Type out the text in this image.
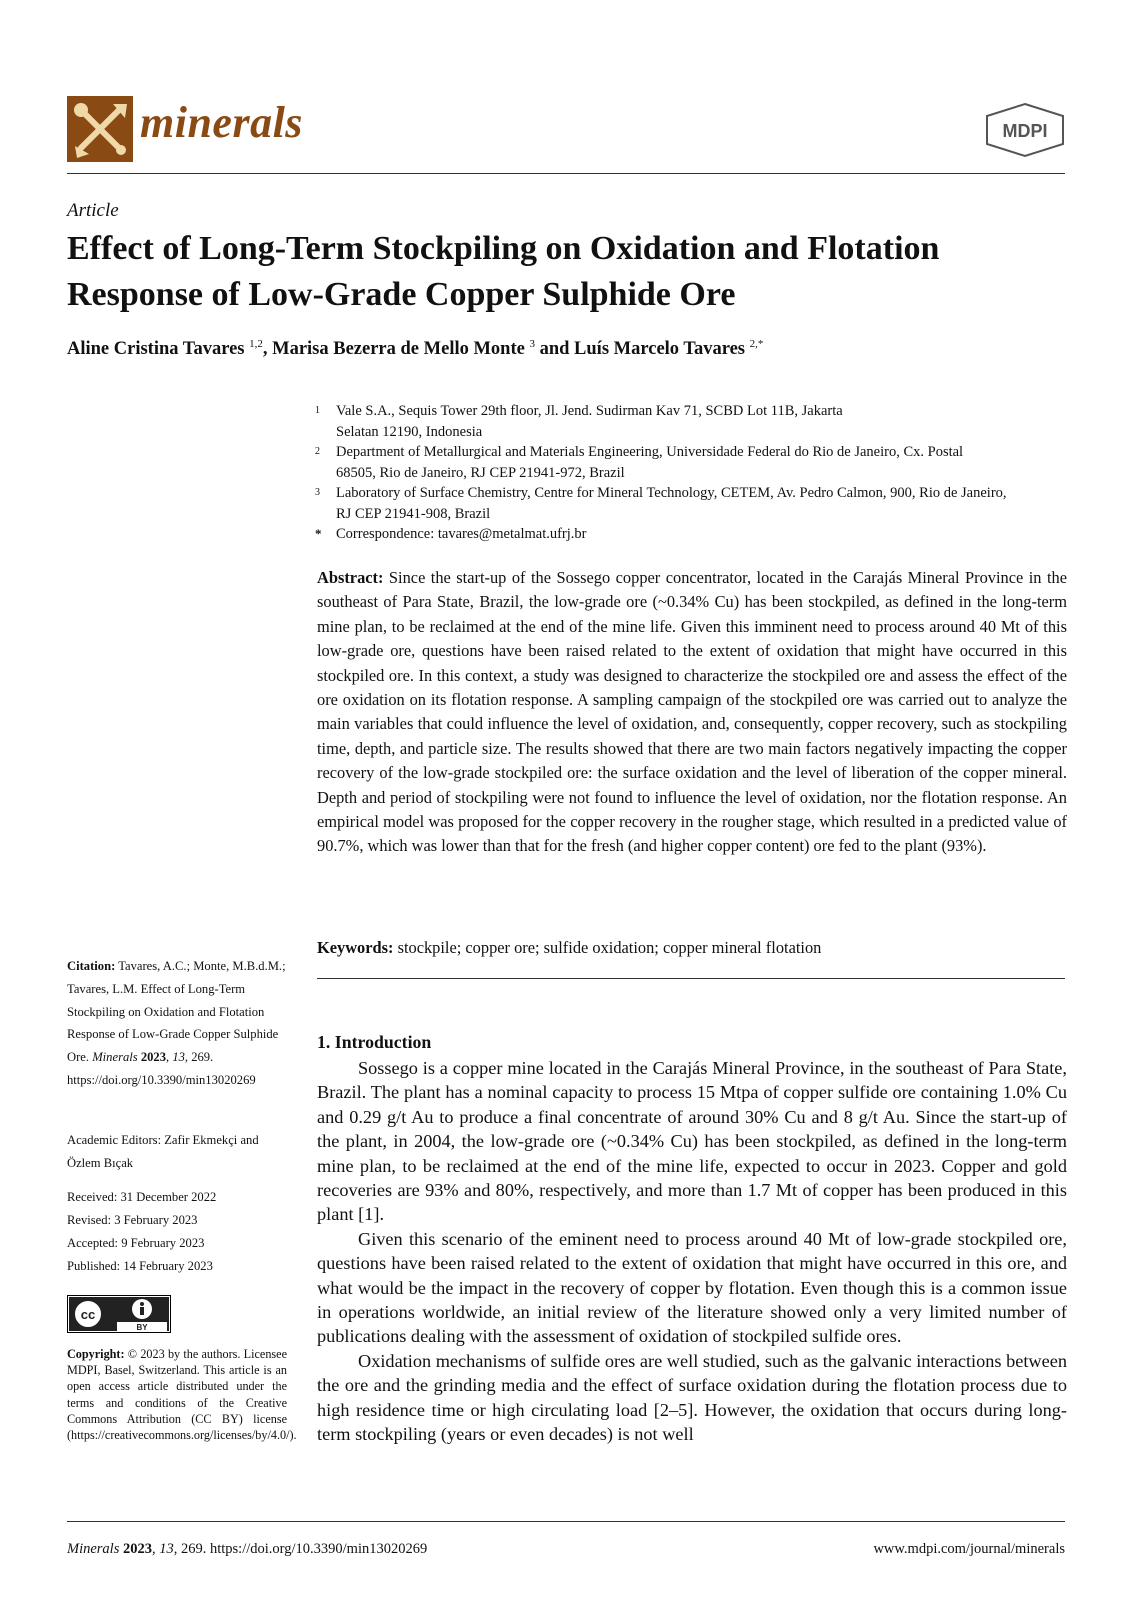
minerals	MDPI
Article
Effect of Long-Term Stockpiling on Oxidation and Flotation Response of Low-Grade Copper Sulphide Ore
Aline Cristina Tavares $^{1,2}$, Marisa Bezerra de Mello Monte $^3$ and Luís Marcelo Tavares $^{2,*}$
1 Vale S.A., Sequis Tower 29th floor, Jl. Jend. Sudirman Kav 71, SCBD Lot 11B, Jakarta Selatan 12190, Indonesia
2 Department of Metallurgical and Materials Engineering, Universidade Federal do Rio de Janeiro, Cx. Postal 68505, Rio de Janeiro, RJ CEP 21941-972, Brazil
3 Laboratory of Surface Chemistry, Centre for Mineral Technology, CETEM, Av. Pedro Calmon, 900, Rio de Janeiro, RJ CEP 21941-908, Brazil
* Correspondence: tavares@metalmat.ufrj.br
Abstract: Since the start-up of the Sossego copper concentrator, located in the Carajás Mineral Province in the southeast of Para State, Brazil, the low-grade ore (~0.34% Cu) has been stockpiled, as defined in the long-term mine plan, to be reclaimed at the end of the mine life. Given this imminent need to process around 40 Mt of this low-grade ore, questions have been raised related to the extent of oxidation that might have occurred in this stockpiled ore. In this context, a study was designed to characterize the stockpiled ore and assess the effect of the ore oxidation on its flotation response. A sampling campaign of the stockpiled ore was carried out to analyze the main variables that could influence the level of oxidation, and, consequently, copper recovery, such as stockpiling time, depth, and particle size. The results showed that there are two main factors negatively impacting the copper recovery of the low-grade stockpiled ore: the surface oxidation and the level of liberation of the copper mineral. Depth and period of stockpiling were not found to influence the level of oxidation, nor the flotation response. An empirical model was proposed for the copper recovery in the rougher stage, which resulted in a predicted value of 90.7%, which was lower than that for the fresh (and higher copper content) ore fed to the plant (93%).
Keywords: stockpile; copper ore; sulfide oxidation; copper mineral flotation
Citation: Tavares, A.C.; Monte, M.B.d.M.; Tavares, L.M. Effect of Long-Term Stockpiling on Oxidation and Flotation Response of Low-Grade Copper Sulphide Ore. Minerals 2023, 13, 269. https://doi.org/10.3390/min13020269
Academic Editors: Zafir Ekmekçi and Özlem Bıçak
Received: 31 December 2022
Revised: 3 February 2023
Accepted: 9 February 2023
Published: 14 February 2023
cc
BY
Copyright: © 2023 by the authors. Licensee MDPI, Basel, Switzerland. This article is an open access article distributed under the terms and conditions of the Creative Commons Attribution (CC BY) license (https://creativecommons.org/licenses/by/4.0/).
1. Introduction

Sossego is a copper mine located in the Carajás Mineral Province, in the southeast of Para State, Brazil. The plant has a nominal capacity to process 15 Mtpa of copper sulfide ore containing 1.0% Cu and 0.29 g/t Au to produce a final concentrate of around 30% Cu and 8 g/t Au. Since the start-up of the plant, in 2004, the low-grade ore (~0.34% Cu) has been stockpiled, as defined in the long-term mine plan, to be reclaimed at the end of the mine life, expected to occur in 2023. Copper and gold recoveries are 93% and 80%, respectively, and more than 1.7 Mt of copper has been produced in this plant [1].

Given this scenario of the eminent need to process around 40 Mt of low-grade stockpiled ore, questions have been raised related to the extent of oxidation that might have occurred in this ore, and what would be the impact in the recovery of copper by flotation. Even though this is a common issue in operations worldwide, an initial review of the literature showed only a very limited number of publications dealing with the assessment of oxidation of stockpiled sulfide ores.

Oxidation mechanisms of sulfide ores are well studied, such as the galvanic interactions between the ore and the grinding media and the effect of surface oxidation during the flotation process due to high residence time or high circulating load [2–5]. However, the oxidation that occurs during long-term stockpiling (years or even decades) is not well

Minerals 2023, 13, 269. https://doi.org/10.3390/min13020269	www.mdpi.com/journal/minerals
